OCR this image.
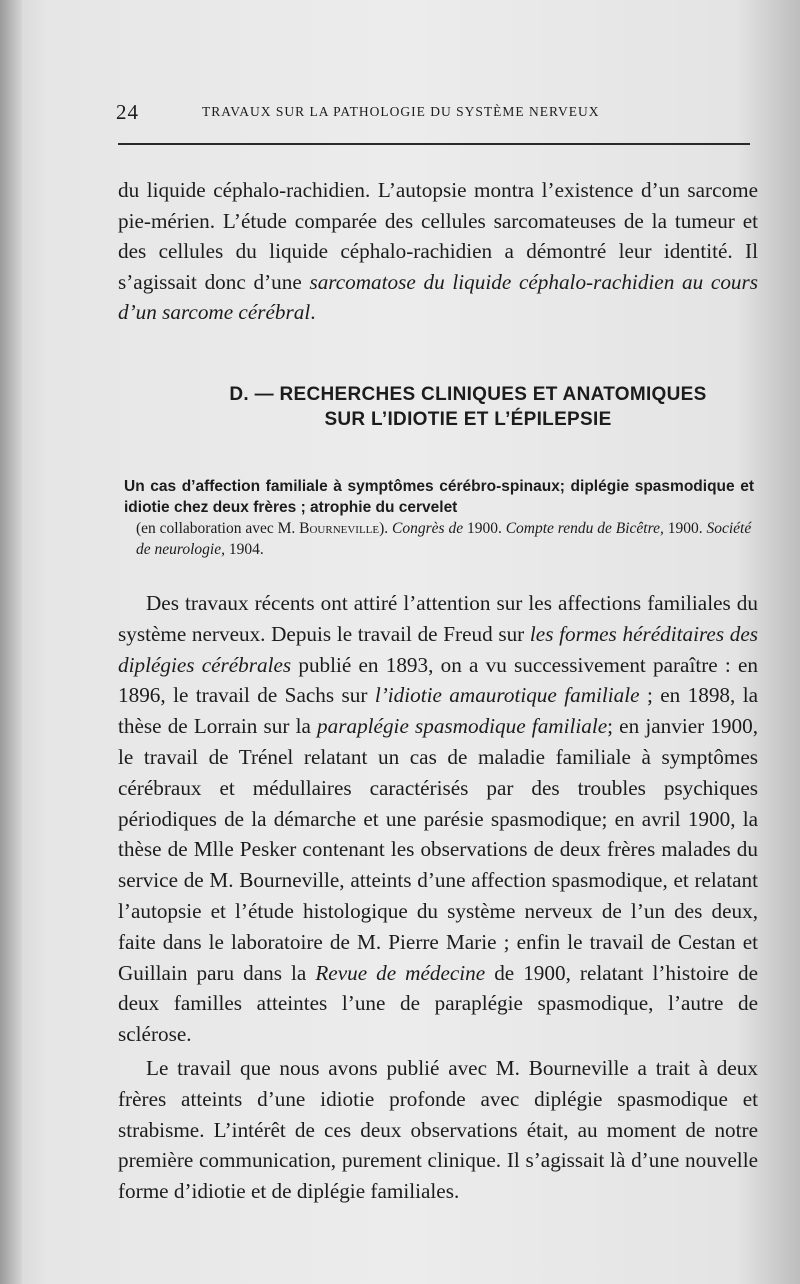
24	TRAVAUX SUR LA PATHOLOGIE DU SYSTÈME NERVEUX
du liquide céphalo-rachidien. L’autopsie montra l’existence d’un sarcome pie-mérien. L’étude comparée des cellules sarcomateuses de la tumeur et des cellules du liquide céphalo-rachidien a démontré leur identité. Il s’agissait donc d’une sarcomatose du liquide céphalo-rachidien au cours d’un sarcome cérébral.
D. — RECHERCHES CLINIQUES ET ANATOMIQUES
SUR L’IDIOTIE ET L’ÉPILEPSIE
Un cas d’affection familiale à symptômes cérébro-spinaux; diplégie spasmodique et idiotie chez deux frères ; atrophie du cervelet
(en collaboration avec M. Bourneville). Congrès de 1900. Compte rendu de Bicêtre, 1900. Société de neurologie, 1904.
Des travaux récents ont attiré l’attention sur les affections familiales du système nerveux. Depuis le travail de Freud sur les formes héréditaires des diplégies cérébrales publié en 1893, on a vu successivement paraître : en 1896, le travail de Sachs sur l’idiotie amaurotique familiale ; en 1898, la thèse de Lorrain sur la paraplégie spasmodique familiale; en janvier 1900, le travail de Trénel relatant un cas de maladie familiale à symptômes cérébraux et médullaires caractérisés par des troubles psychiques périodiques de la démarche et une parésie spasmodique; en avril 1900, la thèse de Mlle Pesker contenant les observations de deux frères malades du service de M. Bourneville, atteints d’une affection spasmodique, et relatant l’autopsie et l’étude histologique du système nerveux de l’un des deux, faite dans le laboratoire de M. Pierre Marie ; enfin le travail de Cestan et Guillain paru dans la Revue de médecine de 1900, relatant l’histoire de deux familles atteintes l’une de paraplégie spasmodique, l’autre de sclérose.
Le travail que nous avons publié avec M. Bourneville a trait à deux frères atteints d’une idiotie profonde avec diplégie spasmodique et strabisme. L’intérêt de ces deux observations était, au moment de notre première communication, purement clinique. Il s’agissait là d’une nouvelle forme d’idiotie et de diplégie familiales.
